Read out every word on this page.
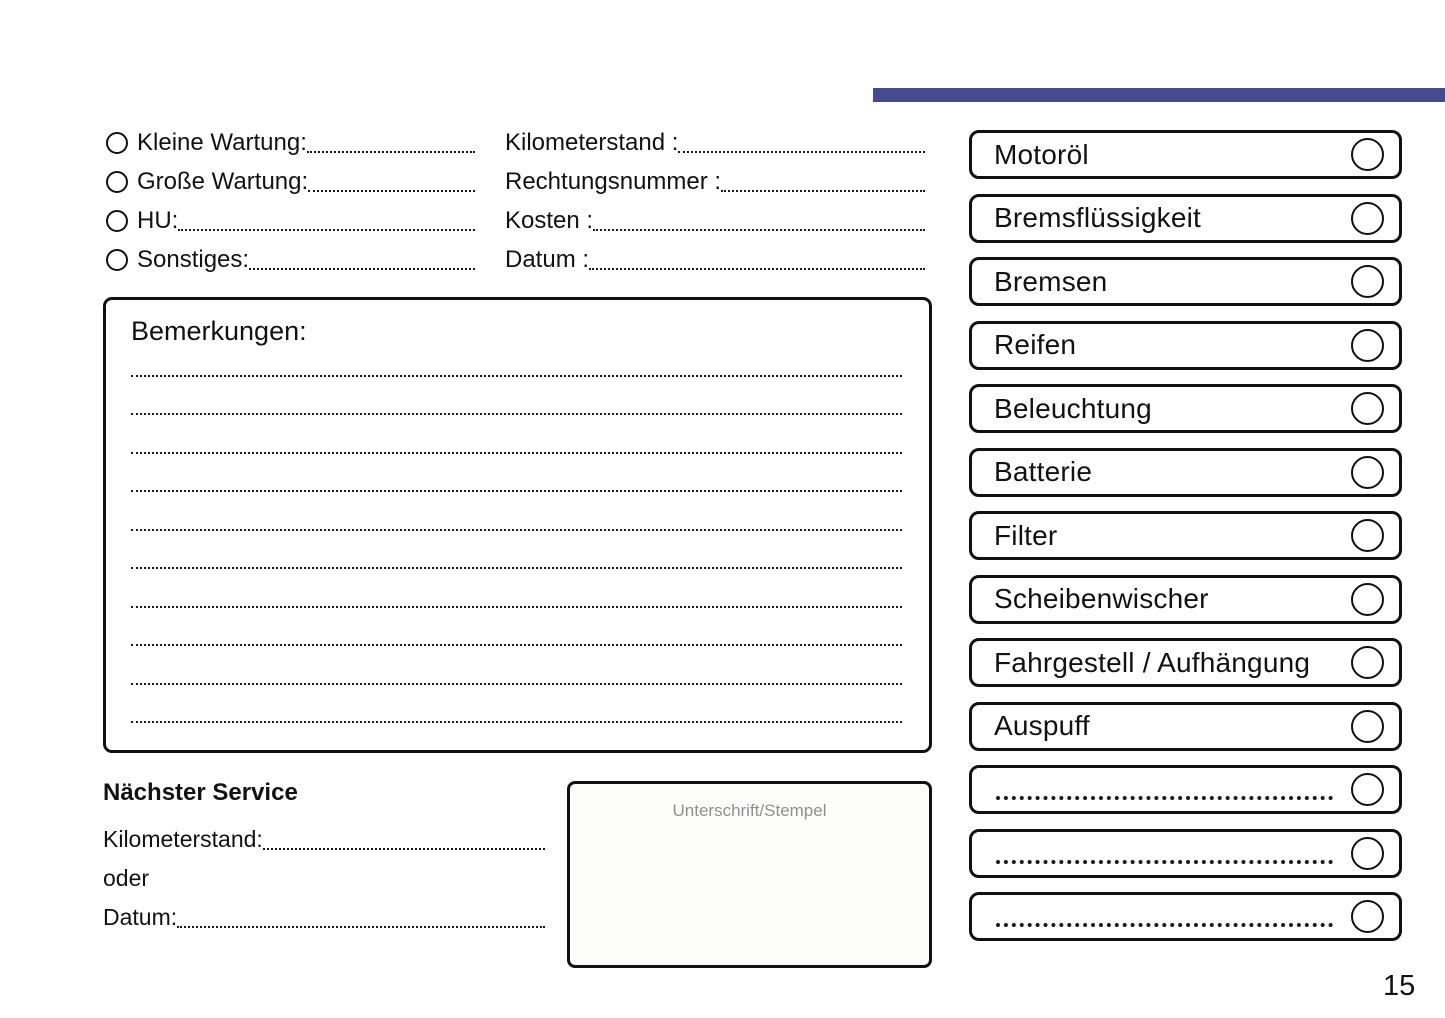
Kleine Wartung:
Große Wartung:
HU:
Sonstiges:
Kilometerstand :
Rechtungsnummer :
Kosten :
Datum :
Bemerkungen:
Nächster Service
Kilometerstand:
oder
Datum:
Unterschrift/Stempel
Motoröl
Bremsflüssigkeit
Bremsen
Reifen
Beleuchtung
Batterie
Filter
Scheibenwischer
Fahrgestell / Aufhängung
Auspuff
15
